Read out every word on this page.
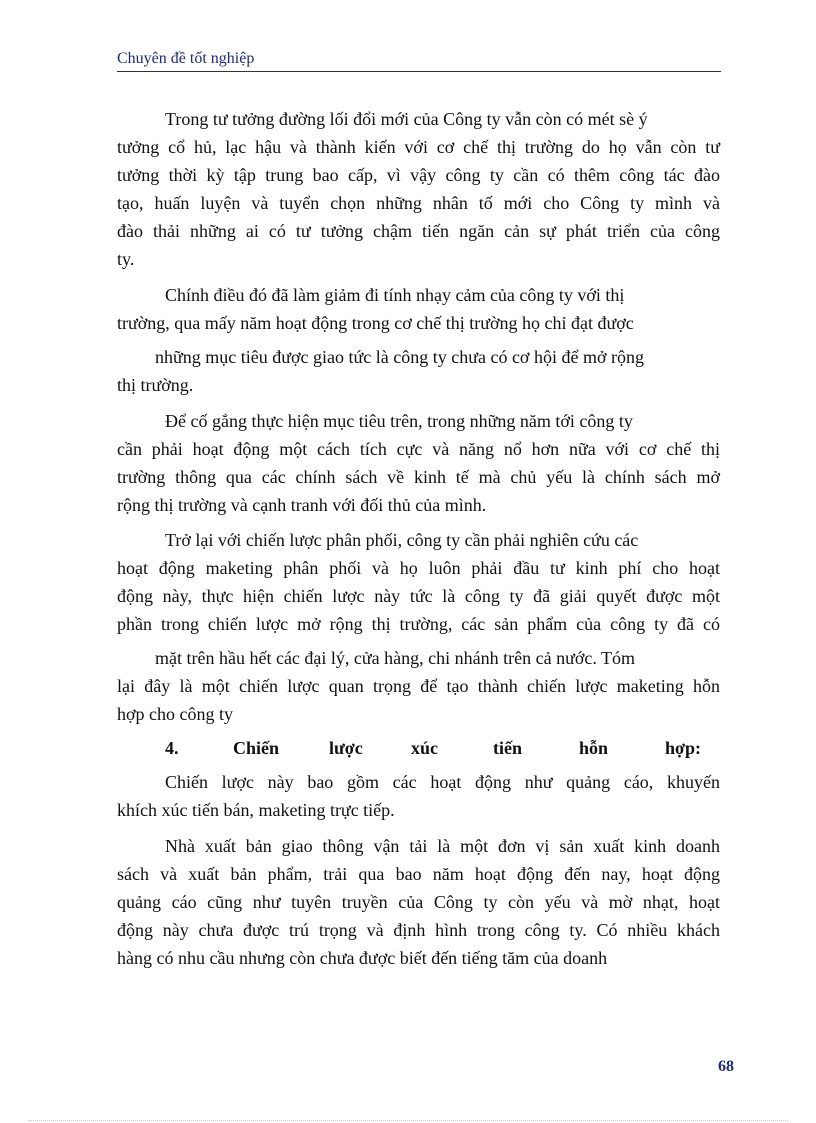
Chuyên đề tốt nghiệp
Trong tư tưởng đường lối đổi mới của Công ty vẫn còn có mét sè ý
tưởng cổ hủ, lạc hậu và thành kiến với cơ chế thị trường do họ vẫn còn tư
tưởng thời kỳ tập trung bao cấp, vì vậy công ty cần có thêm công tác đào
tạo, huấn luyện và tuyển chọn những nhân tố mới cho Công ty mình và
đào thải những ai có tư tưởng chậm tiến ngăn cản sự phát triển của công
ty.
Chính điều đó đã làm giảm đi tính nhạy cảm của công ty với thị
trường, qua mấy năm hoạt động trong cơ chế thị trường họ chỉ đạt được
những mục tiêu được giao tức là công ty chưa có cơ hội để mở rộng
thị trường.
Để cố gắng thực hiện mục tiêu trên, trong những năm tới công ty
cần phải hoạt động một cách tích cực và năng nổ hơn nữa với cơ chế thị
trường thông qua các chính sách về kinh tế mà chủ yếu là chính sách mở
rộng thị trường và cạnh tranh với đối thủ của mình.
Trở lại với chiến lược phân phối, công ty cần phải nghiên cứu các
hoạt động maketing phân phối và họ luôn phải đầu tư kinh phí cho hoạt
động này, thực hiện chiến lược này tức là công ty đã giải quyết được một
phần trong chiến lược mở rộng thị trường, các sản phẩm của công ty đã có
mặt trên hầu hết các đại lý, cửa hàng, chi nhánh trên cả nước. Tóm
lại đây là một chiến lược quan trọng để tạo thành chiến lược maketing hỗn
hợp cho công ty
4.	Chiến	lược	xúc	tiến	hỗn	hợp:
Chiến lược này bao gồm các hoạt động như quảng cáo, khuyến
khích xúc tiến bán, maketing trực tiếp.
Nhà xuất bản giao thông vận tải là một đơn vị sản xuất kinh doanh
sách và xuất bản phẩm, trải qua bao năm hoạt động đến nay, hoạt động
quảng cáo cũng như tuyên truyền của Công ty còn yếu và mờ nhạt, hoạt
động này chưa được trú trọng và định hình trong công ty. Có nhiều khách
hàng có nhu cầu nhưng còn chưa được biết đến tiếng tăm của doanh
68
